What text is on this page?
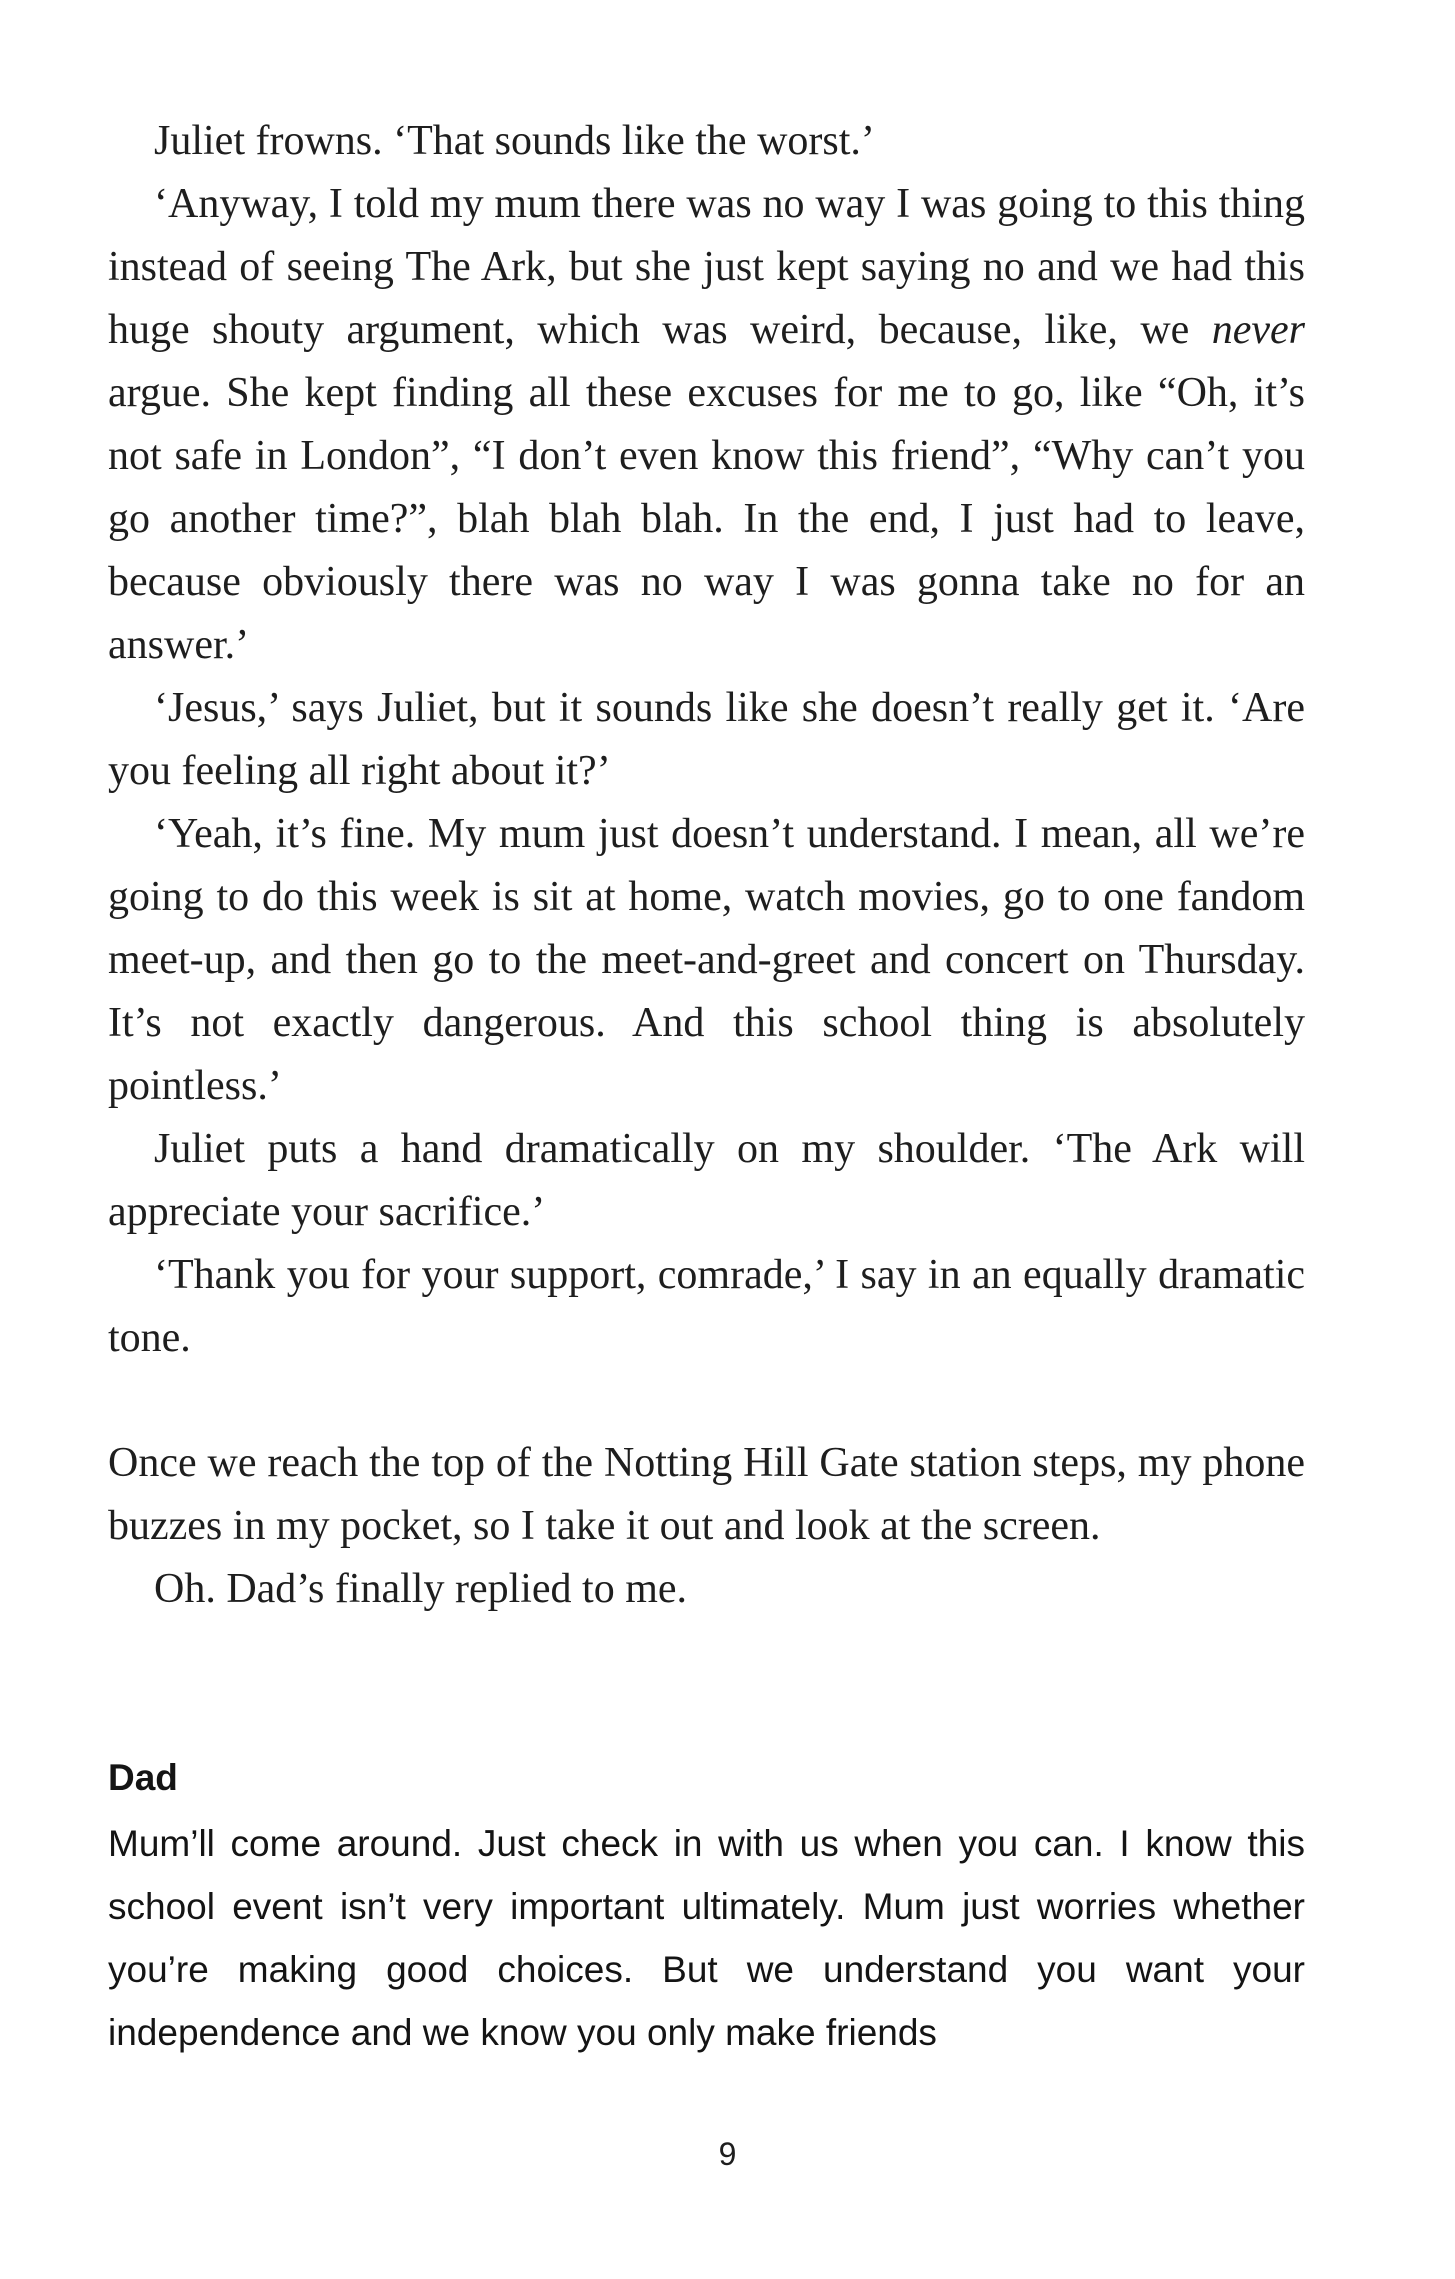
Juliet frowns. ‘That sounds like the worst.’

‘Anyway, I told my mum there was no way I was going to this thing instead of seeing The Ark, but she just kept saying no and we had this huge shouty argument, which was weird, because, like, we never argue. She kept finding all these excuses for me to go, like “Oh, it’s not safe in London”, “I don’t even know this friend”, “Why can’t you go another time?”, blah blah blah. In the end, I just had to leave, because obviously there was no way I was gonna take no for an answer.’

‘Jesus,’ says Juliet, but it sounds like she doesn’t really get it. ‘Are you feeling all right about it?’

‘Yeah, it’s fine. My mum just doesn’t understand. I mean, all we’re going to do this week is sit at home, watch movies, go to one fandom meet-up, and then go to the meet-and-greet and concert on Thursday. It’s not exactly dangerous. And this school thing is absolutely pointless.’

Juliet puts a hand dramatically on my shoulder. ‘The Ark will appreciate your sacrifice.’

‘Thank you for your support, comrade,’ I say in an equally dramatic tone.

Once we reach the top of the Notting Hill Gate station steps, my phone buzzes in my pocket, so I take it out and look at the screen.

Oh. Dad’s finally replied to me.

Dad
Mum’ll come around. Just check in with us when you can. I know this school event isn’t very important ultimately. Mum just worries whether you’re making good choices. But we understand you want your independence and we know you only make friends
9
